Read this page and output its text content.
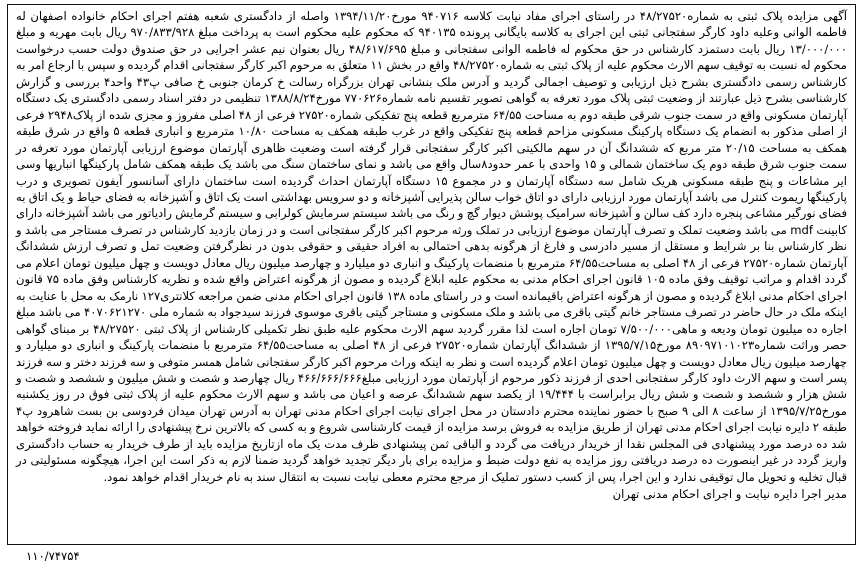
آگهی مزایده پلاک ثبتی به شماره۴۸/۲۷۵۲۰ در راستای اجرای مفاد نیابت کلاسه ۹۴۰۷۱۶ مورخ۱۳۹۴/۱۱/۲۰ واصله از دادگستری شعبه هفتم اجرای احکام خانواده اصفهان له فاطمه الوانی وعلیه داود کارگر سفتجانی ثبتی این اجرای به کلاسه بایگانی پرونده ۹۴۰۱۳۵ که محکوم علیه محکوم است به پرداخت مبلغ ۹۷۰/۸۳۳/۹۲۸ ریال بابت مهریه و مبلغ ۱۳/۰۰۰/۰۰۰ ریال بابت دستمزد کارشناس در حق محکوم له فاطمه الوانی سفتجانی و مبلغ ۴۸/۶۱۷/۶۹۵ ریال بعنوان نیم عشر اجرایی در حق صندوق دولت حسب درخواست محکوم له نسبت به توقیف سهم الارث محکوم علیه از پلاک ثبتی به شماره۴۸/۲۷۵۲۰ واقع در بخش ۱۱ متعلق به مرحوم اکبر کارگر سفتجانی اقدام گردیده و سپس با ارجاع امر به کارشناس رسمی دادگستری بشرح ذیل ارزیابی و توصیف اجمالی گردید و آدرس ملک بنشانی تهران بزرگراه رسالت خ کرمان جنوبی خ صافی پ۴۳ واحد۴ بررسی و گزارش کارشناسی بشرح ذیل عبارتند از وضعیت ثبتی پلاک مورد تعرفه به گواهی تصویر تقسیم نامه شماره۷۷۰۶۲۶ مورخ۱۳۸۸/۸/۲۴ تنظیمی در دفتر اسناد رسمی دادگستری یک دستگاه آپارتمان مسکونی واقع در سمت جنوب شرقی طبقه دوم به مساحت ۶۴/۵۵ مترمربع قطعه پنج تفکیکی شماره۲۷۵۲۰ فرعی از ۴۸ اصلی مفروز و مجزی شده از پلاک۲۹۴۸ فرعی از اصلی مذکور به انضمام یک دستگاه پارکینگ مسکونی مزاحم قطعه پنج تفکیکی واقع در غرب طبقه همکف به مساحت ۱۰/۸۰ مترمربع و انباری قطعه ۵ واقع در شرق طبقه همکف به مساحت ۲۰/۱۵ متر مربع که ششدانگ آن در سهم مالکیتی اکبر کارگر سفتجانی قرار گرفته است وضعیت ظاهری آپارتمان موضوع ارزیابی آپارتمان مورد تعرفه در سمت جنوب شرق طبقه دوم یک ساختمان شمالی و ۱۵ واحدی با عمر حدود۸سال واقع می باشد و نمای ساختمان سنگ می باشد یک طبقه همکف شامل پارکینگها انباریها وسی ایر مشاعات و پنج طبقه مسکونی هریک شامل سه دستگاه آپارتمان و در مجموع ۱۵ دستگاه آپارتمان احداث گردیده است ساختمان دارای آسانسور آیفون تصویری و درب پارکینگها ریموت کنترل می باشد آپارتمان مورد ارزیابی دارای دو اتاق خواب سالن پذیرایی آشپزخانه و دو سرویس بهداشتی است یک اتاق و آشپزخانه به فضای حیاط و یک اتاق به فضای نورگیر مشاعی پنجره دارد کف سالن و آشپزخانه سرامیک پوشش دیوار گچ و رنگ می باشد سیستم سرمایش کولرابی و سیستم گرمایش رادیاتور می باشد آشپزخانه دارای کابینت mdf می باشد وضعیت تملک و تصرف آپارتمان موضوع ارزیابی در تملک ورثه مرحوم اکبر کارگر سفتجانی است و در زمان بازدید کارشناس در تصرف مستاجر می باشد و نظر کارشناس بنا بر شرایط و مستقل از مسیر دادرسی و فارغ از هرگونه بدهی احتمالی به افراد حقیقی و حقوقی بدون در نظرگرفتن وضعیت تمل و تصرف ارزش ششدانگ آپارتمان شماره۲۷۵۲۰ فرعی از ۴۸ اصلی به مساحت۶۴/۵۵ مترمربع با منضمات پارکینگ و انباری دو میلیارد و چهارصد میلیون ریال معادل دویست و چهل میلیون تومان اعلام می گردد اقدام و مراتب توقیف وفق ماده ۱۰۵ قانون اجرای احکام مدنی به محکوم علیه ابلاغ گردیده و مصون از هرگونه اعتراض واقع شده و نظریه کارشناس وفق ماده ۷۵ قانون اجرای احکام مدنی ابلاغ گردیده و مصون از هرگونه اعتراض باقیمانده است و در راستای ماده ۱۳۸ قانون اجرای احکام مدنی ضمن مراجعه کلانتری۱۲۷ نارمک به محل با عنایت به اینکه ملک در حال حاضر در تصرف مستاجر خانم گیتی باقری می باشد و ملک مسکونی و مستاجر گیتی باقری موسوی فرزند سیدجواد به شماره ملی ۴۰۷۰۶۲۱۲۷۰ می باشد مبلغ اجاره ده میلیون تومان ودیعه و ماهی۷/۵۰۰/۰۰۰ تومان اجاره است لذا مقرر گردید سهم الارث محکوم علیه طبق نظر تکمیلی کارشناس از پلاک ثبتی ۴۸/۲۷۵۲۰ بر مبنای گواهی حصر وراثت شماره۸۹۰۹۷۱۰۱۰۲۳ مورخ۱۳۹۵/۷/۱۵ از ششدانگ آپارتمان شماره۲۷۵۲۰ فرعی از ۴۸ اصلی به مساحت۶۴/۵۵ مترمربع با منضمات پارکینگ و انباری دو میلیارد و چهارصد میلیون ریال معادل دویست و چهل میلیون تومان اعلام گردیده است و نظر به اینکه وراث مرحوم اکبر کارگر سفتجانی شامل همسر متوفی و سه فرزند دختر و سه فرزند پسر است و سهم الارث داود کارگر سفتجانی احدی از فرزند ذکور مرحوم از آپارتمان مورد ارزیابی مبلغ۴۶۶/۶۶۶/۶۶۶ ریال چهارصد و شصت و شش میلیون و ششصد و شصت و شش هزار و ششصد و شصت و شش ریال برابراست با ۱۹/۴۴۴ از یکصد سهم ششدانگ عرصه و اعیان می باشد و سهم الارث محکوم علیه از پلاک ثبتی فوق در روز یکشنبه مورخ۱۳۹۵/۷/۲۵ از ساعت ۸ الی ۹ صبح با حضور نماینده محترم دادستان در محل اجرای نیابت اجرای احکام مدنی تهران به آدرس تهران میدان فردوسی بن بست شاهرود پ۴ طبقه ۲ دایره نیابت اجرای احکام مدنی تهران از طریق مزایده به فروش برسد مزایده از قیمت کارشناسی شروع و به کسی که بالاترین نرخ پیشنهادی را ارائه نماید فروخته خواهد شد ده درصد مورد پیشنهادی فی المجلس نقدا از خریدار دریافت می گردد و الباقی ثمن پیشنهادی ظرف مدت یک ماه ازتاریخ مزایده باید از طرف خریدار به حساب دادگستری واریز گردد در غیر اینصورت ده درصد دریافتی روز مزایده به نفع دولت ضبط و مزایده برای بار دیگر تجدید خواهد گردید ضمنا لازم به ذکر است این اجرا، هیچگونه مسئولیتی در قبال تخلیه و تحویل مال توقیفی ندارد و این اجرا، پس از کسب دستور تملیک از مرجع محترم معطی نیابت نسبت به انتقال سند به نام خریدار اقدام خواهد نمود.

مدیر اجرا دایره نیابت و اجرای احکام مدنی تهران
۱۱۰/۷۴۷۵۴
